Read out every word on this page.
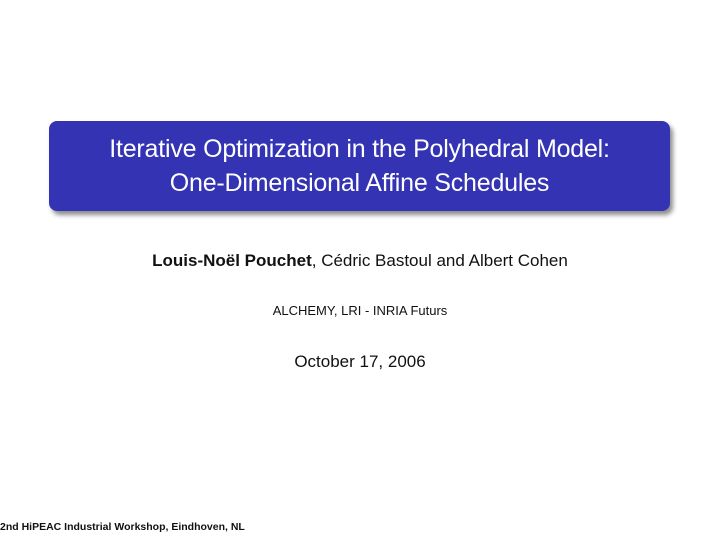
Iterative Optimization in the Polyhedral Model:
One-Dimensional Affine Schedules
Louis-Noël Pouchet, Cédric Bastoul and Albert Cohen
ALCHEMY, LRI - INRIA Futurs
October 17, 2006
2nd HiPEAC Industrial Workshop, Eindhoven, NL
